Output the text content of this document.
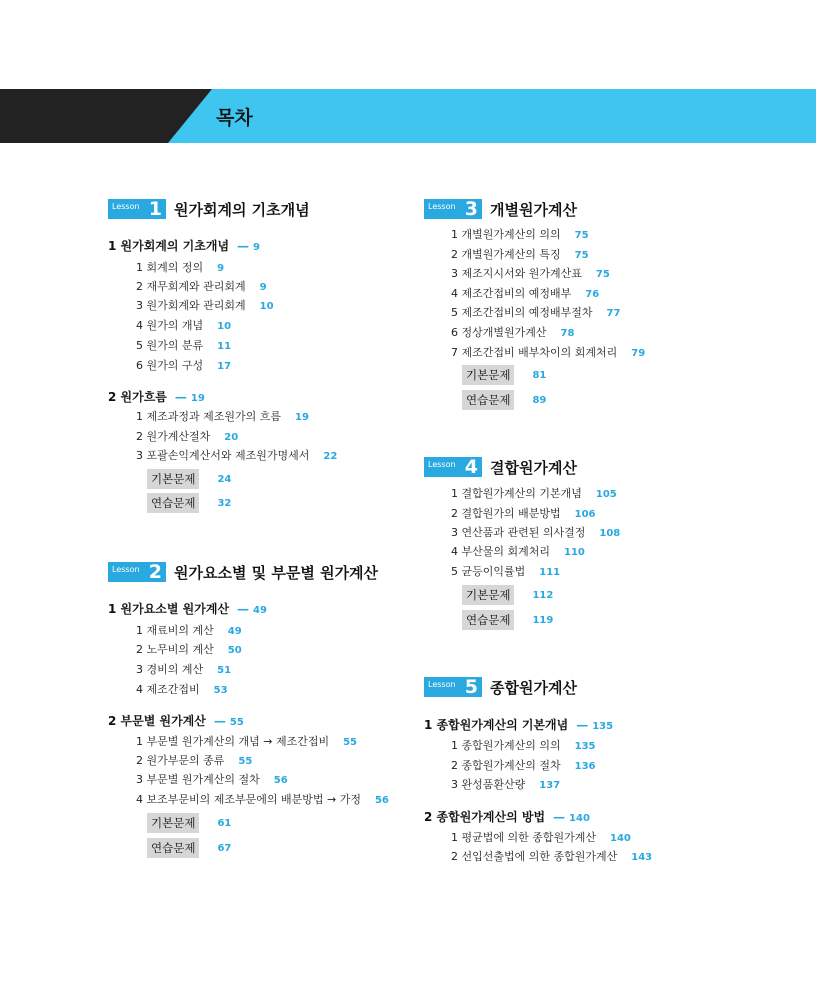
목차
Lesson 1 원가회계의 기초개념
1 원가회계의 기초개념 — 9
1 회계의 정의 9
2 재무회계와 관리회계 9
3 원가회계와 관리회계 10
4 원가의 개념 10
5 원가의 분류 11
6 원가의 구성 17
2 원가흐름 — 19
1 제조과정과 제조원가의 흐름 19
2 원가계산절차 20
3 포괄손익계산서와 제조원가명세서 22
기본문제	24
연습문제	32
Lesson 2 원가요소별 및 부문별 원가계산
1 원가요소별 원가계산 — 49
1 재료비의 계산 49
2 노무비의 계산 50
3 경비의 계산 51
4 제조간접비 53
2 부문별 원가계산 — 55
1 부문별 원가계산의 개념 → 제조간접비 55
2 원가부문의 종류 55
3 부문별 원가계산의 절차 56
4 보조부문비의 제조부문에의 배분방법 → 가정 56
기본문제	61
연습문제	67
Lesson 3 개별원가계산
1 개별원가계산의 의의 75
2 개별원가계산의 특징 75
3 제조지시서와 원가계산표 75
4 제조간접비의 예정배부 76
5 제조간접비의 예정배부절차 77
6 정상개별원가계산 78
7 제조간접비 배부차이의 회계처리 79
기본문제	81
연습문제	89
Lesson 4 결합원가계산
1 결합원가계산의 기본개념 105
2 결합원가의 배분방법 106
3 연산품과 관련된 의사결정 108
4 부산물의 회계처리 110
5 균등이익률법 111
기본문제	112
연습문제	119
Lesson 5 종합원가계산
1 종합원가계산의 기본개념 — 135
1 종합원가계산의 의의 135
2 종합원가계산의 절차 136
3 완성품환산량 137
2 종합원가계산의 방법 — 140
1 평균법에 의한 종합원가계산 140
2 선입선출법에 의한 종합원가계산 143
